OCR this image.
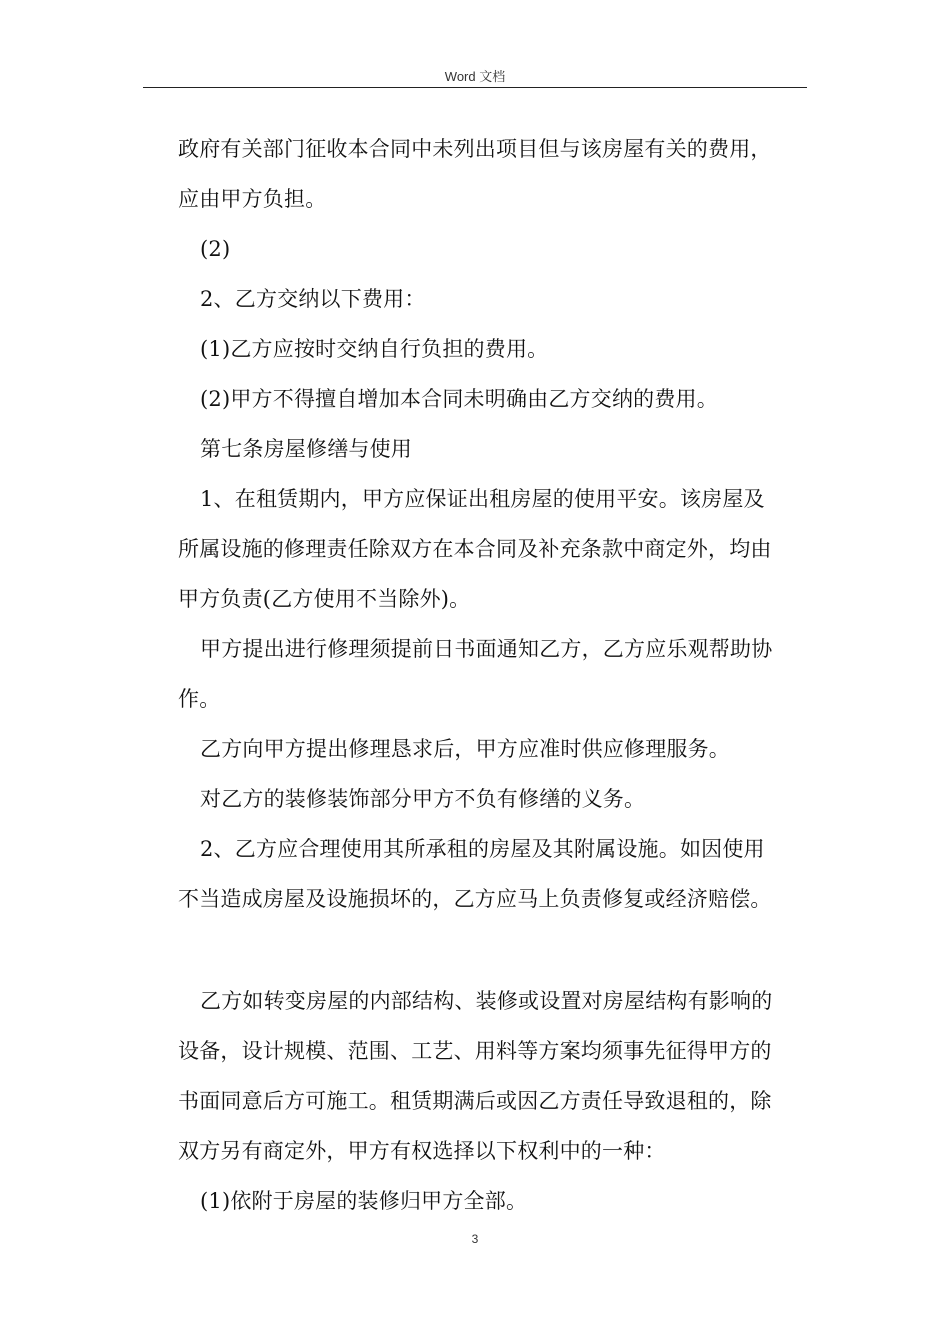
Word 文档
政府有关部门征收本合同中未列出项目但与该房屋有关的费用，
应由甲方负担。
(2)
2、乙方交纳以下费用：
(1)乙方应按时交纳自行负担的费用。
(2)甲方不得擅自增加本合同未明确由乙方交纳的费用。
第七条房屋修缮与使用
1、在租赁期内，甲方应保证出租房屋的使用平安。该房屋及
所属设施的修理责任除双方在本合同及补充条款中商定外，均由
甲方负责(乙方使用不当除外)。
甲方提出进行修理须提前日书面通知乙方，乙方应乐观帮助协
作。
乙方向甲方提出修理恳求后，甲方应准时供应修理服务。
对乙方的装修装饰部分甲方不负有修缮的义务。
2、乙方应合理使用其所承租的房屋及其附属设施。如因使用
不当造成房屋及设施损坏的，乙方应马上负责修复或经济赔偿。
乙方如转变房屋的内部结构、装修或设置对房屋结构有影响的
设备，设计规模、范围、工艺、用料等方案均须事先征得甲方的
书面同意后方可施工。租赁期满后或因乙方责任导致退租的，除
双方另有商定外，甲方有权选择以下权利中的一种：
(1)依附于房屋的装修归甲方全部。
3
